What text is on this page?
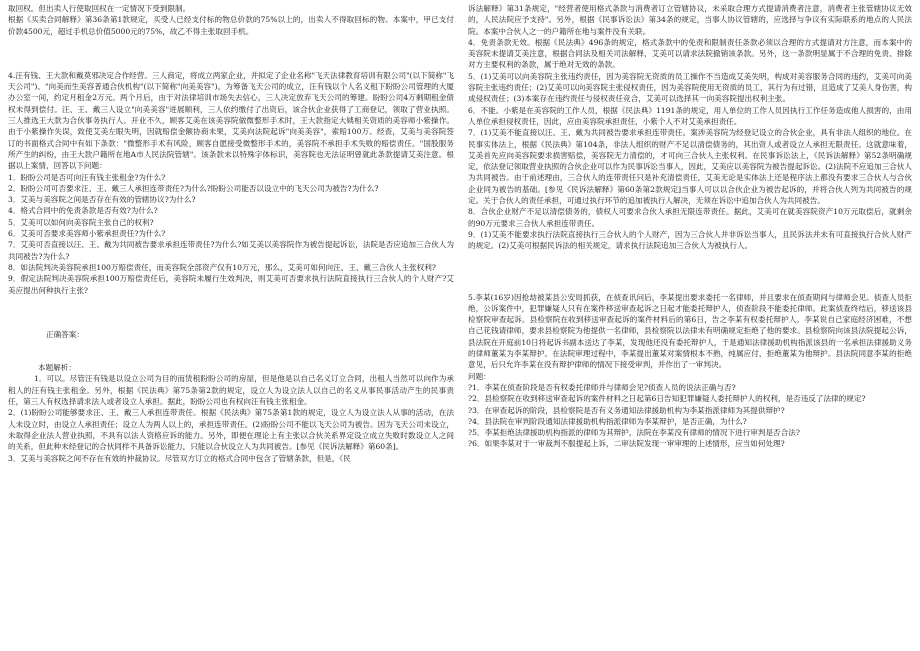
取回权。但出卖人行使取回权在一定情况下受到限制。

根据《买卖合同解释》第36条第1款规定，买受人已经支付标的物总价款的75%以上的，出卖人不得取回标的物。本案中，甲已支付价款4500元，超过手机总价值5000元的75%，故乙不得主张取回手机。

4.汪有钱、王大款和戴莫邪决定合作经营。三人商定，将成立两家企业，并拟定了企业名称"飞天法律教育培训有限公司"(以下简称"飞天公司")、"向美而生美容普通合伙机构"(以下简称"向美美容")。为筹备飞天公司的成立，汪有钱以个人名义租下盼盼公司管理的大厦办公室一间，约定月租金2万元。两个月后，由于对法律培训市场失去信心，三人决定放弃飞天公司的筹建。盼盼公司4万剩期租金债权未得到偿付。汪、王、戴三人设立"向美美容"进展顺利，三人依约缴付了出资后，该合伙企业获得了工商登记，领取了营业执照。三人推选王大款为合伙事务执行人。开业不久，顾客艾美在该美容院做微整形手术时，王大款指定大姨相关资质的美容师小紫操作。由于小紫操作失误，致使艾美左眼失明，因就赔偿金额协商未果，艾美向法院起诉"向美美容"，索赔100万。经查，艾美与美容院签订的书面格式合同中有如下条款："微整形手术有风险，顾客自愿接受微整形手术的，美容院不承担手术失败的赔偿责任。"国股服务所产生的纠纷，由王大款户籍所在地A市人民法院管辖"。该条款未以特殊字体标识，美容院也无法证明曾就此条款提请艾美注意。根据以上案情，回答以下问题：

1．盼盼公司是否可向汪有钱主张租金?为什么?

2．盼盼公司可否要求汪、王、戴三人承担连带责任?为什么?盼盼公司能否以设立中的飞天公司为被告?为什么?

3．艾美与美容院之间是否存在有效的管辖协议?为什么?

4．格式合同中的免责条款是否有效?为什么?

5．艾美可以如何向美容院主张自己的权利?

6．艾美可否要求美容师小紫承担责任?为什么?

7．艾美可否直接以汪、王、戴为共同被告要求承担连带责任?为什么?如艾美以美容院作为被告提起诉讼，法院是否应追加三合伙人为共同被告?为什么?

8．如法院判决美容院承担100万赔偿责任，而美容院全部资产仅有10万元，那么，艾美可如何向汪、王、戴三合伙人主张权利?

9．假定法院判决美容院承担100万赔偿责任后，美容院未履行生效判决，则艾美可否要求执行法院直接执行三合伙人的个人财产?艾美应提出何种执行主张?

正确答案：

本题解析：

1．可以。尽管汪有钱是以设立公司为目的而赁租盼盼公司的房屋，但是他是以自己名义订立合同，出租人当然可以向作为承租人的汪有钱主张租金。另外，根据《民法典》第75条第2款的规定，设立人为设立法人以自己的名义从事民事活动产生的民事责任，第三人有权选择请求法人或者设立人承担。据此，盼盼公司也有权向汪有钱主张租金。

2．(1)盼盼公司能够要求汪、王、戴三人承担连带责任。根据《民法典》第75条第1款的规定，设立人为设立法人从事的活动，在法人未设立时，由设立人承担责任；设立人为两人以上的，承担连带责任。(2)盼盼公司不能以飞天公司为被告。因为飞天公司未设立，未取得企业法人营业执照，不具有以法人资格应诉的能力。另外，即便在理论上有主张以合伙关系界定设立成立失败时数设立人之间的关系，但此种未经登记的合伙同样不具备诉讼能力，只能以合伙设立人为共同被告。[参见《民诉法解释》第60条]。

3．艾美与美容院之间不存在有效的仲裁协议。尽管双方订立的格式合同中包含了管辖条款，但是，《民

诉法解释》第31条规定，"经营者使用格式条款与消费者订立管辖协议，未采取合理方式提请消费者注意，消费者主张管辖协议无效的，人民法院应予支持"。另外，根据《民事诉讼法》第34条的规定，当事人协议管辖的，应选择与争议有实际联系的地点的人民法院。本案中合伙人之一的户籍所在地与案件没有关联。

4．免责条款无效。根据《民法典》496条的规定，格式条款中的免责和限制责任条款必须以合理的方式提请对方注意，而本案中的美容院未提请艾美注意，根据合同法及相关司法解释，艾美可以请求法院撤销该条款。另外，这一条款明显属于不合理的免责、排除对方主要权利的条款，属于绝对无效的条款。

5．(1)艾美可以向美容院主张违约责任，因为美容院无资质的员工操作不当造成艾美失明，构成对美容服务合同的违约，艾美可向美容院主张违约责任；(2)艾美可以向美容院主张侵权责任，因为美容院使用无资质的员工，其行为有过错，且造成了艾美人身伤害，构成侵权责任；(3)本案存在违约责任与侵权责任竞合，艾美可以选择其一向美容院提出权利主张。

6．不能。小紫是在美容院的工作人员，根据《民法典》1191条的规定，用人单位的工作人员因执行工作任务造成他人损害的，由用人单位承担侵权责任，因此，应由美容院承担责任，小紫个人不对艾美承担责任。

7．(1)艾美不能直接以汪、王、戴为共同被告要求承担连带责任。案涉美容院为经登记设立的合伙企业，具有非法人组织的地位。在民事实体法上，根据《民法典》第104条，非法人组织的财产不足以清偿债务的，其出资人或者设立人承担无限责任。这就意味着，艾美首先应向美容院要求损害赔偿，美容院无力清偿的，才可向三合伙人主张权利。在民事诉讼法上，《民诉法解释》第52条明确规定，依法登记领取营业执照的合伙企业可以作为民事诉讼当事人，因此，艾美应以美容院为被告提起诉讼。(2)法院不应追加三合伙人为共同被告。由于前述理由，三合伙人的连带责任只是补充清偿责任，艾美无论是实体法上还是程序法上都没有要求三合伙人与合伙企业同为被告的基础。[参见《民诉法解释》第60条第2款规定]当事人可以以合伙企业为被告起诉的，并将合伙人列为共同被告的规定。关于合伙人的责任承担，可通过执行环节的追加被执行人解决，无须在诉讼中追加合伙人为共同被告。

8．合伙企业财产不足以清偿债务的，债权人可要求合伙人承担无限连带责任。据此，艾美可在就美容院资产10万元取偿后，就剩余的90万元要求三合伙人承担连带责任。

9．(1)艾美不能要求执行法院直接执行三合伙人的个人财产，因为三合伙人并非诉讼当事人，且民诉法并未有可直接执行合伙人财产的规定。(2)艾美可根据民诉法的相关规定，请求执行法院追加三合伙人为被执行人。

5.李某(16岁)因抢劫被某县公安局抓获，在侦查讯问后，李某提出要求委托一名律师，并且要求在侦查期间与律师会见。侦查人员拒绝，公诉案件中，犯罪嫌疑人只有在案件移送审查起诉之日起才能委托辩护人，侦查阶段不能委托律师。此案侦查终结后，移送该县检察院审查起诉。县检察院在收到移送审查起诉的案件材料后的第6日，告之李某有权委托辩护人。李某说自己家庭经济困难，不想自己花钱请律师，要求县检察院为他提供一名律师，县检察院以法律未有明确规定拒绝了他的要求。县检察院向该县法院提起公诉，县法院在开庭前10日将起诉书副本送达了李某，发现他还没有委托辩护人，于是通知法律援助机构指派该县的一名承担法律援助义务的律师董某为李某辩护。在法院审理过程中，李某提出董某对案情根本不熟，纯属应付，拒绝董某为他辩护。县法院同意李某的拒绝意见，后只允许李某在没有辩护律师的情况下接受审判，并作出了一审判决。

问题：

?1．李某在侦查阶段是否有权委托律师并与律师会见?侦查人员的说法正确与否?

?2．县检察院在收到移送审查起诉的案件材料之日起第6日告知犯罪嫌疑人委托辩护人的权利，是否违反了法律的规定?

?3．在审查起诉的阶段，县检察院是否有义务通知法律援助机构为李某指派律师为其提供辩护?

?4．县法院在审判阶段通知法律援助机构指派律师为李某辩护，是否正确，为什么?

?5．李某拒绝法律援助机构指派的律师为其辩护，法院在李某没有律师的情况下进行审判是否合法?

?6．如果李某对于一审裁判不服提起上诉，二审法院发现一审审理的上述情形，应当如何处理?
